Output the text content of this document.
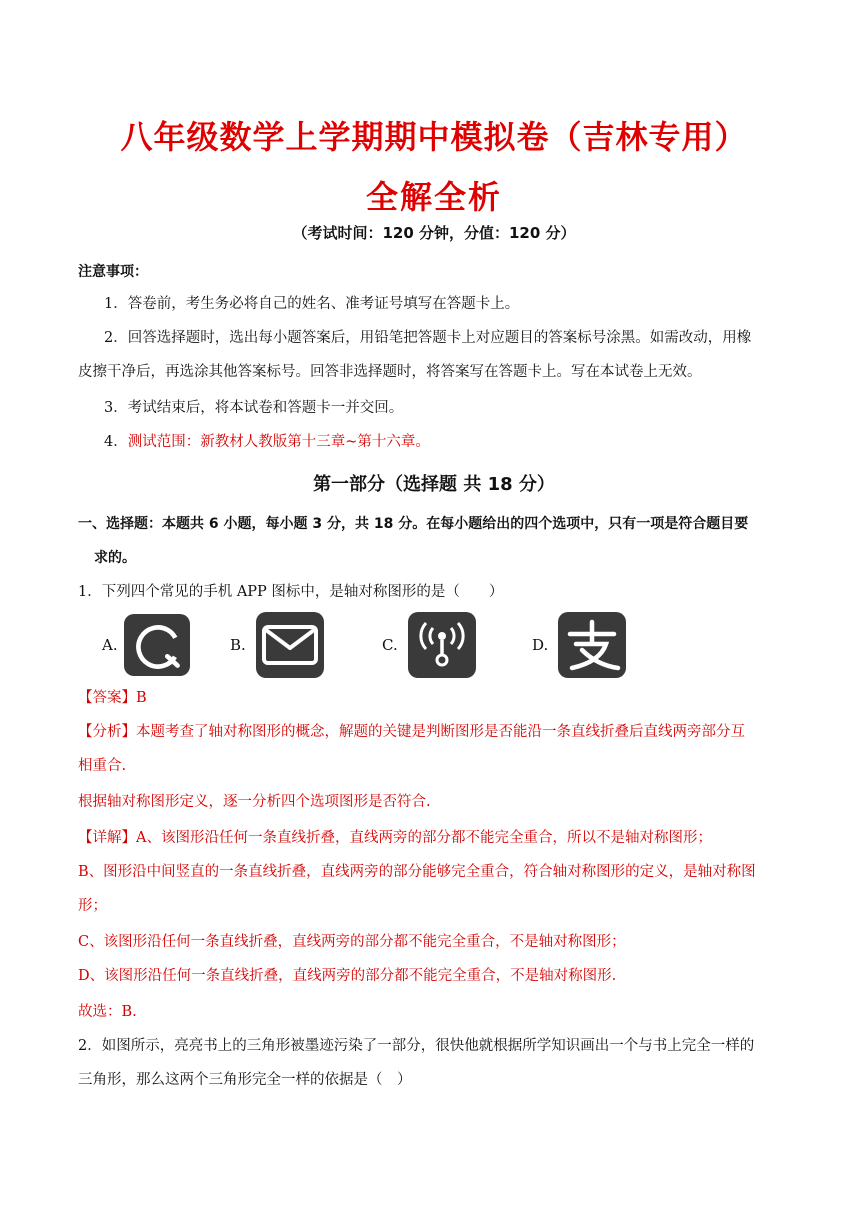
八年级数学上学期期中模拟卷（吉林专用）
全解全析
（考试时间：120 分钟，分值：120 分）
注意事项：
1．答卷前，考生务必将自己的姓名、准考证号填写在答题卡上。
2．回答选择题时，选出每小题答案后，用铅笔把答题卡上对应题目的答案标号涂黑。如需改动，用橡
皮擦干净后，再选涂其他答案标号。回答非选择题时，将答案写在答题卡上。写在本试卷上无效。
3．考试结束后，将本试卷和答题卡一并交回。
4．测试范围：新教材人教版第十三章~第十六章。
第一部分（选择题 共 18 分）
一、选择题：本题共 6 小题，每小题 3 分，共 18 分。在每小题给出的四个选项中，只有一项是符合题目要
求的。
1．下列四个常见的手机 APP 图标中，是轴对称图形的是（　　）
A.	B.	C.	D.
【答案】B
【分析】本题考查了轴对称图形的概念，解题的关键是判断图形是否能沿一条直线折叠后直线两旁部分互
相重合.
根据轴对称图形定义，逐一分析四个选项图形是否符合.
【详解】A、该图形沿任何一条直线折叠，直线两旁的部分都不能完全重合，所以不是轴对称图形；
B、图形沿中间竖直的一条直线折叠，直线两旁的部分能够完全重合，符合轴对称图形的定义，是轴对称图
形；
C、该图形沿任何一条直线折叠，直线两旁的部分都不能完全重合，不是轴对称图形；
D、该图形沿任何一条直线折叠，直线两旁的部分都不能完全重合，不是轴对称图形.
故选：B.
2．如图所示，亮亮书上的三角形被墨迹污染了一部分，很快他就根据所学知识画出一个与书上完全一样的
三角形，那么这两个三角形完全一样的依据是（　）
